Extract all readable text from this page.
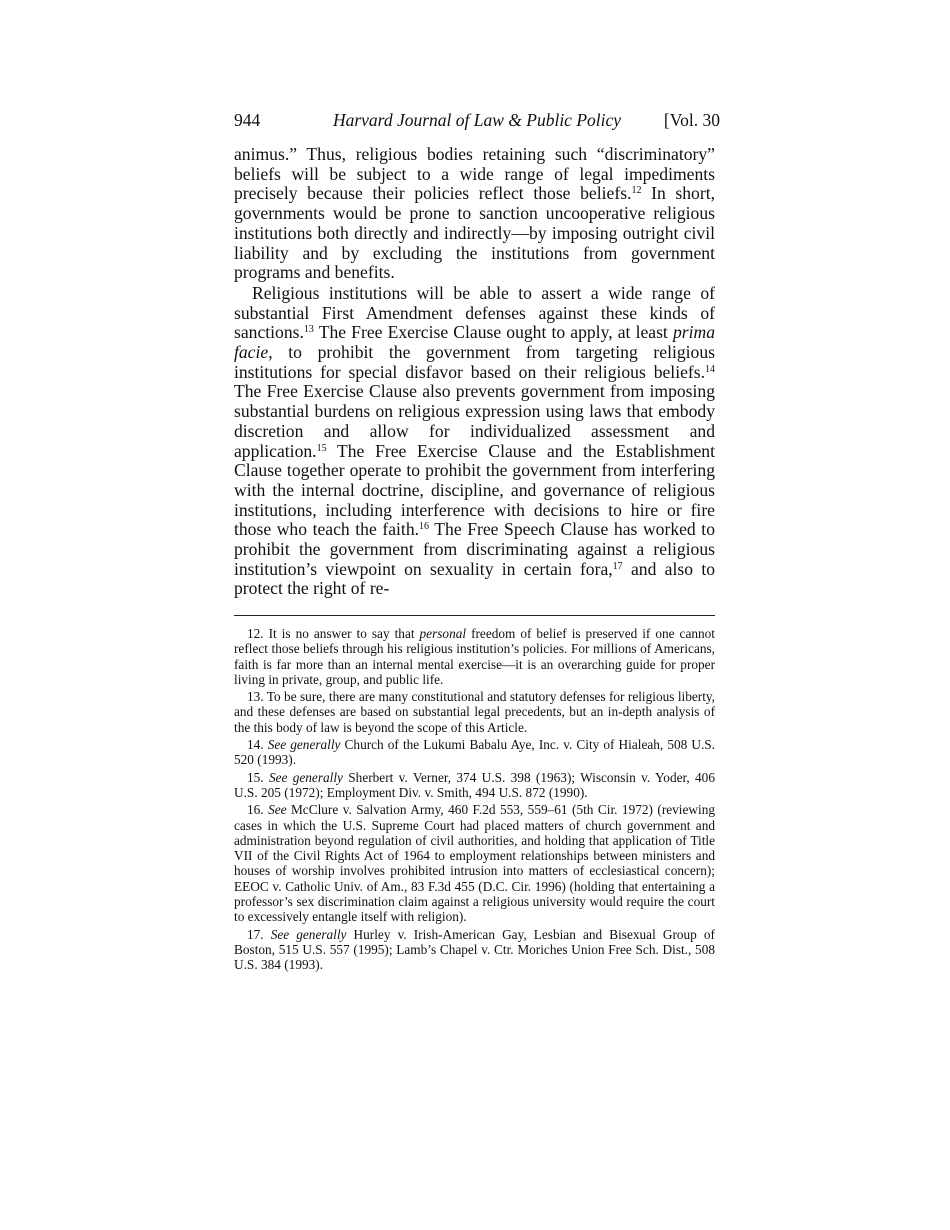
944	Harvard Journal of Law & Public Policy	[Vol. 30

animus.” Thus, religious bodies retaining such “discriminatory” beliefs will be subject to a wide range of legal impediments precisely because their policies reflect those beliefs.$^{12}$ In short, governments would be prone to sanction uncooperative religious institutions both directly and indirectly—by imposing outright civil liability and by excluding the institutions from government programs and benefits.

Religious institutions will be able to assert a wide range of substantial First Amendment defenses against these kinds of sanctions.$^{13}$ The Free Exercise Clause ought to apply, at least prima facie, to prohibit the government from targeting religious institutions for special disfavor based on their religious beliefs.$^{14}$ The Free Exercise Clause also prevents government from imposing substantial burdens on religious expression using laws that embody discretion and allow for individualized assessment and application.$^{15}$ The Free Exercise Clause and the Establishment Clause together operate to prohibit the government from interfering with the internal doctrine, discipline, and governance of religious institutions, including interference with decisions to hire or fire those who teach the faith.$^{16}$ The Free Speech Clause has worked to prohibit the government from discriminating against a religious institution’s viewpoint on sexuality in certain fora,$^{17}$ and also to protect the right of re-

12. It is no answer to say that personal freedom of belief is preserved if one cannot reflect those beliefs through his religious institution’s policies. For millions of Americans, faith is far more than an internal mental exercise—it is an overarching guide for proper living in private, group, and public life.

13. To be sure, there are many constitutional and statutory defenses for religious liberty, and these defenses are based on substantial legal precedents, but an in-depth analysis of the this body of law is beyond the scope of this Article.

14. See generally Church of the Lukumi Babalu Aye, Inc. v. City of Hialeah, 508 U.S. 520 (1993).

15. See generally Sherbert v. Verner, 374 U.S. 398 (1963); Wisconsin v. Yoder, 406 U.S. 205 (1972); Employment Div. v. Smith, 494 U.S. 872 (1990).

16. See McClure v. Salvation Army, 460 F.2d 553, 559–61 (5th Cir. 1972) (reviewing cases in which the U.S. Supreme Court had placed matters of church government and administration beyond regulation of civil authorities, and holding that application of Title VII of the Civil Rights Act of 1964 to employment relationships between ministers and houses of worship involves prohibited intrusion into matters of ecclesiastical concern); EEOC v. Catholic Univ. of Am., 83 F.3d 455 (D.C. Cir. 1996) (holding that entertaining a professor’s sex discrimination claim against a religious university would require the court to excessively entangle itself with religion).

17. See generally Hurley v. Irish-American Gay, Lesbian and Bisexual Group of Boston, 515 U.S. 557 (1995); Lamb’s Chapel v. Ctr. Moriches Union Free Sch. Dist., 508 U.S. 384 (1993).
